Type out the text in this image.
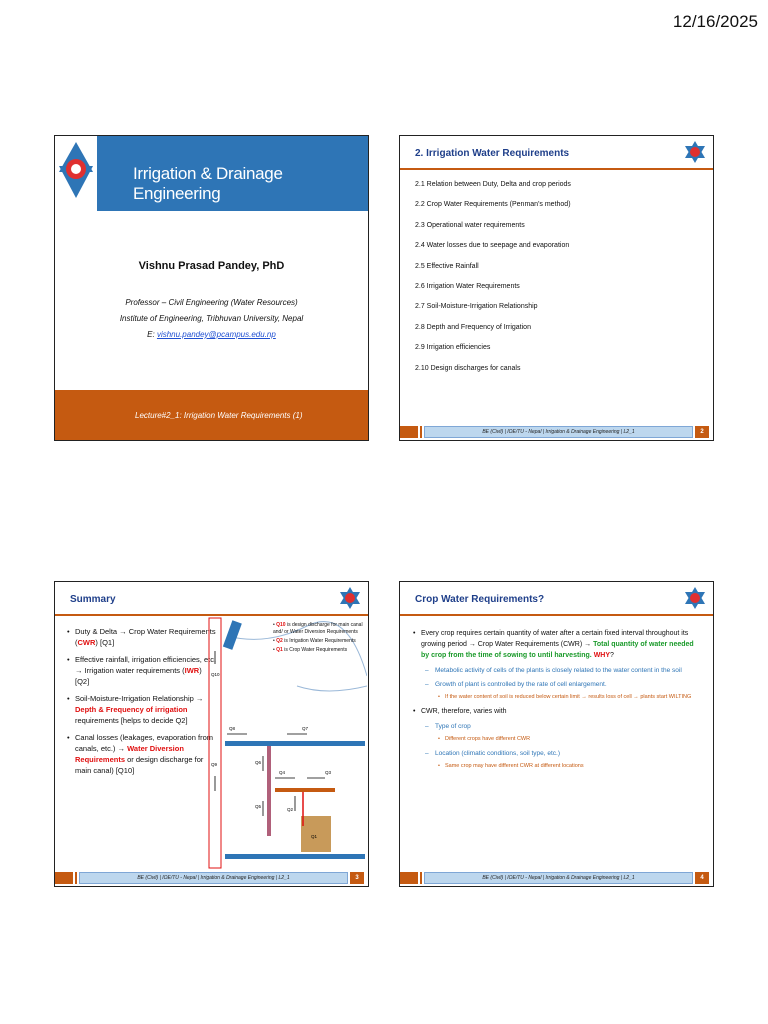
12/16/2025
Irrigation & Drainage Engineering
Vishnu Prasad Pandey, PhD
Professor – Civil Engineering (Water Resources)
Institute of Engineering, Tribhuvan University, Nepal
E: vishnu.pandey@pcampus.edu.np
Lecture#2_1: Irrigation Water Requirements (1)
2. Irrigation Water Requirements
2.1 Relation between Duty, Delta and crop periods
2.2 Crop Water Requirements (Penman's method)
2.3 Operational water requirements
2.4 Water losses due to seepage and evaporation
2.5 Effective Rainfall
2.6 Irrigation Water Requirements
2.7 Soil-Moisture-Irrigation Relationship
2.8 Depth and Frequency of Irrigation
2.9 Irrigation efficiencies
2.10 Design discharges for canals
BE (Civil) | IOE/TU - Nepal | Irrigation & Drainage Engineering | L2_1	2
Summary
• Duty & Delta → Crop Water Requirements (CWR) [Q1]
• Effective rainfall, irrigation efficiencies, etc. → Irrigation water requirements (IWR) [Q2]
• Soil-Moisture-Irrigation Relationship → Depth & Frequency of irrigation requirements [helps to decide Q2]
• Canal losses (leakages, evaporation from canals, etc.) → Water Diversion Requirements or design discharge for main canal) [Q10]
Q10
Q9
Q8	Q7
Q6
Q5
Q4	Q3
Q2
Q1
• Q10 is design discharge for main canal and/ or Water Diversion Requirements
• Q2 is Irrigation Water Requirements
• Q1 is Crop Water Requirements
BE (Civil) | IOE/TU - Nepal | Irrigation & Drainage Engineering | L2_1	3
Crop Water Requirements?
• Every crop requires certain quantity of water after a certain fixed interval throughout its growing period → Crop Water Requirements (CWR) → Total quantity of water needed by crop from the time of sowing to until harvesting. WHY?
– Metabolic activity of cells of the plants is closely related to the water content in the soil
– Growth of plant is controlled by the rate of cell enlargement.
• If the water content of soil is reduced below certain limit → results loss of cell → plants start WILTING
• CWR, therefore, varies with
– Type of crop
• Different crops have different CWR
– Location (climatic conditions, soil type, etc.)
• Same crop may have different CWR at different locations
BE (Civil) | IOE/TU - Nepal | Irrigation & Drainage Engineering | L2_1	4
